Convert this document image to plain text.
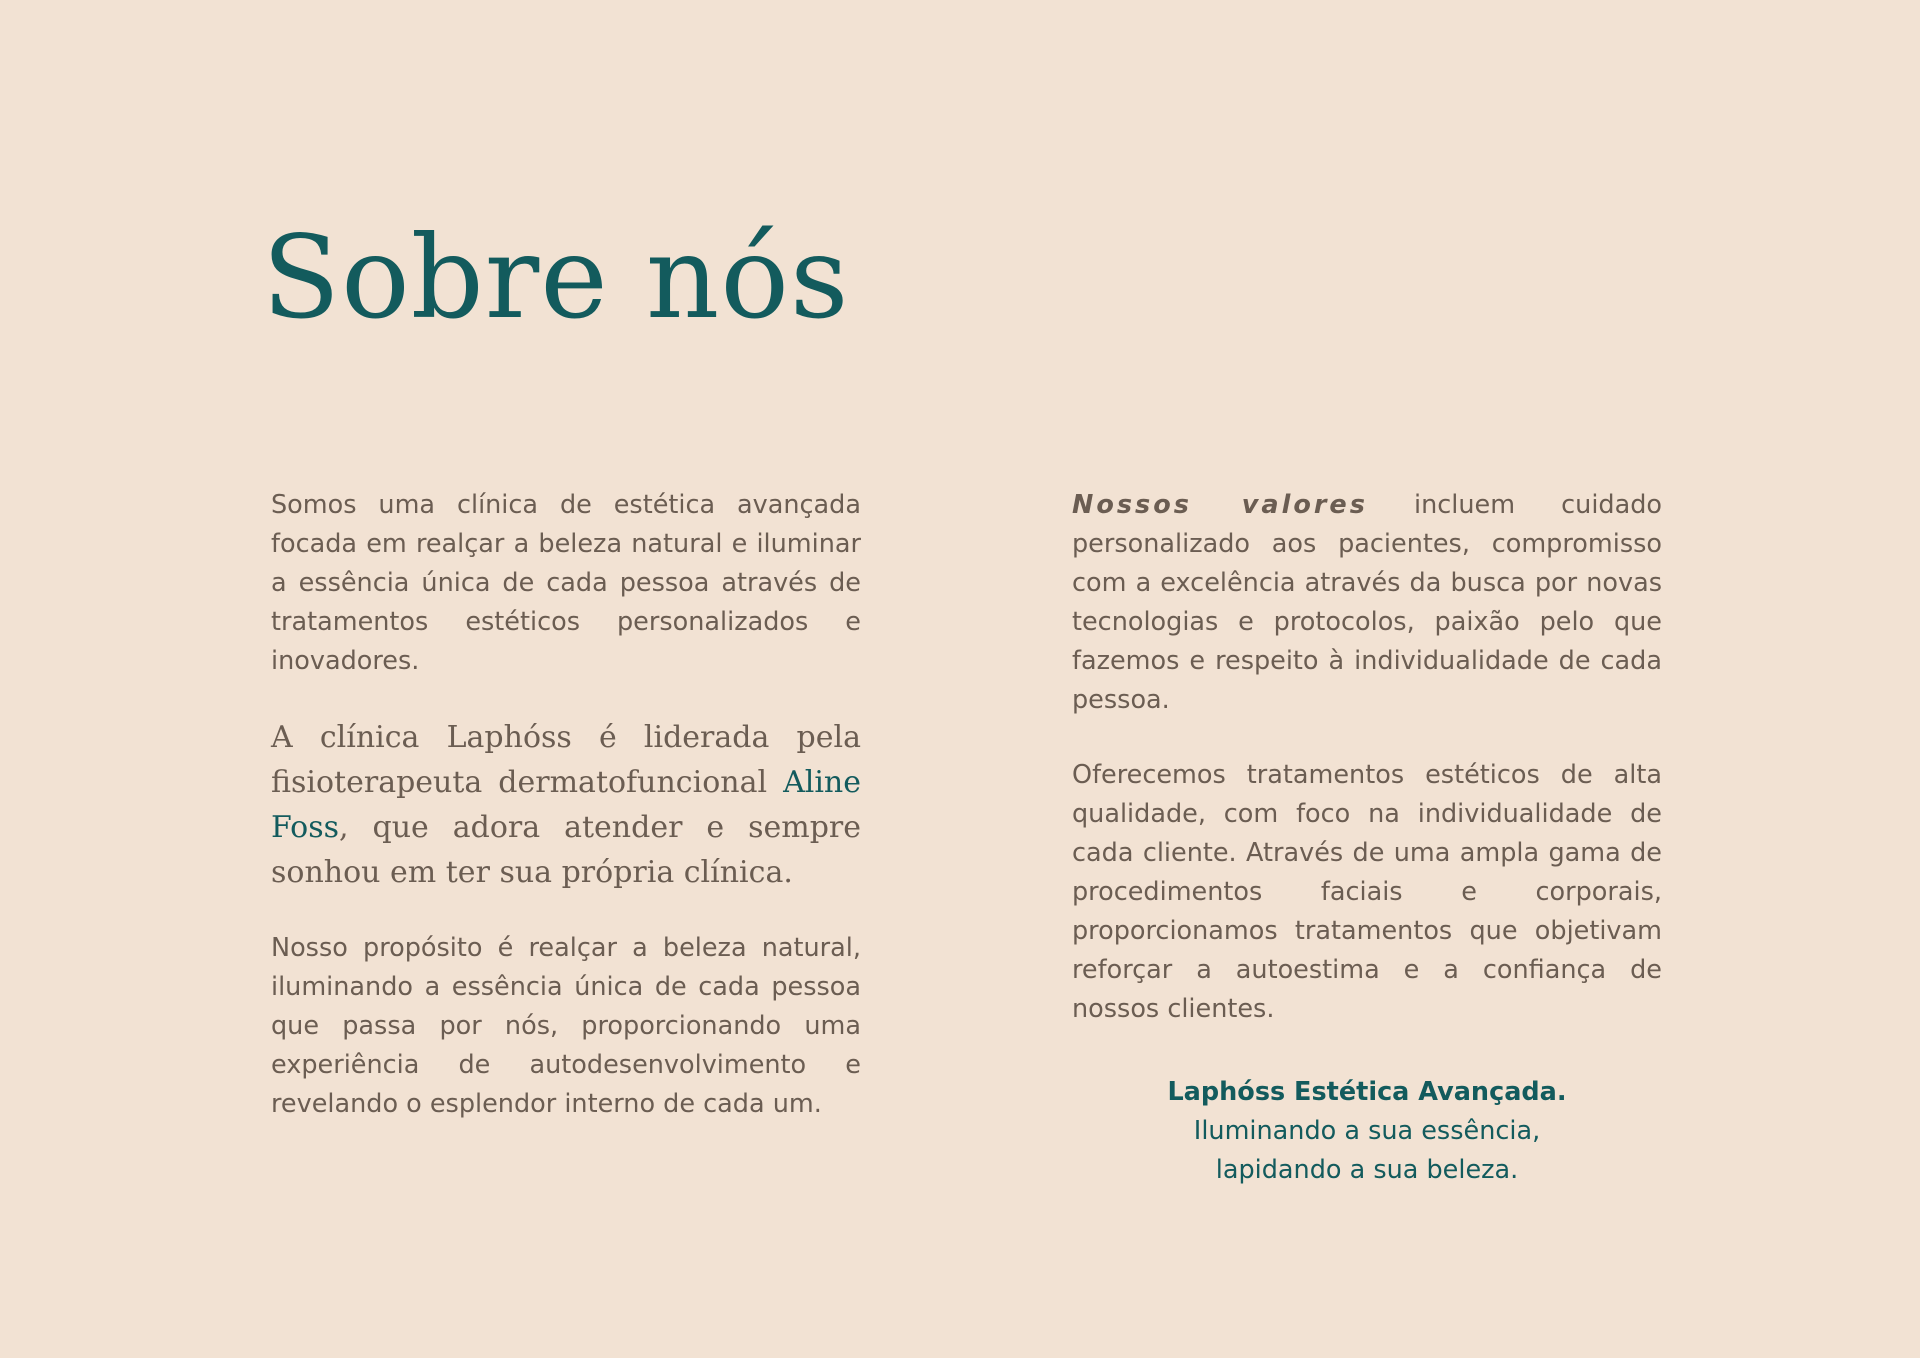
Sobre nós

Somos uma clínica de estética avançada focada em realçar a beleza natural e iluminar a essência única de cada pessoa através de tratamentos estéticos personalizados e inovadores.

A clínica Laphóss é liderada pela fisioterapeuta dermatofuncional Aline Foss, que adora atender e sempre sonhou em ter sua própria clínica.

Nosso propósito é realçar a beleza natural, iluminando a essência única de cada pessoa que passa por nós, proporcionando uma experiência de autodesenvolvimento e revelando o esplendor interno de cada um.

Nossos valores incluem cuidado personalizado aos pacientes, compromisso com a excelência através da busca por novas tecnologias e protocolos, paixão pelo que fazemos e respeito à individualidade de cada pessoa.

Oferecemos tratamentos estéticos de alta qualidade, com foco na individualidade de cada cliente. Através de uma ampla gama de procedimentos faciais e corporais, proporcionamos tratamentos que objetivam reforçar a autoestima e a confiança de nossos clientes.

Laphóss Estética Avançada.
Iluminando a sua essência,
lapidando a sua beleza.
